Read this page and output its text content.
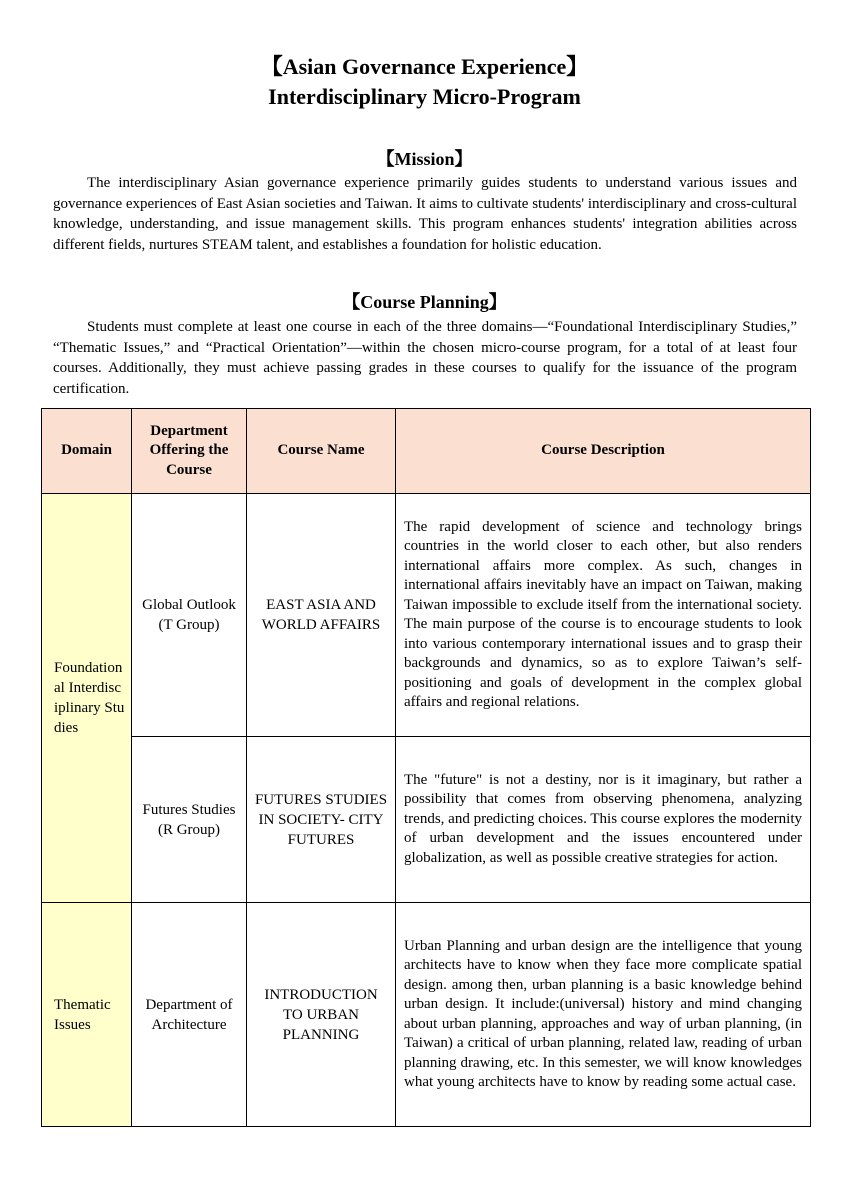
【Asian Governance Experience】
Interdisciplinary Micro-Program
【Mission】
The interdisciplinary Asian governance experience primarily guides students to understand various issues and governance experiences of East Asian societies and Taiwan. It aims to cultivate students' interdisciplinary and cross-cultural knowledge, understanding, and issue management skills. This program enhances students' integration abilities across different fields, nurtures STEAM talent, and establishes a foundation for holistic education.
【Course Planning】
Students must complete at least one course in each of the three domains—“Foundational Interdisciplinary Studies,” “Thematic Issues,” and “Practical Orientation”—within the chosen micro-course program, for a total of at least four courses. Additionally, they must achieve passing grades in these courses to qualify for the issuance of the program certification.
Domain	Department Offering the Course	Course Name	Course Description
Foundational Interdisciplinary Studies	Global Outlook (T Group)	EAST ASIA AND WORLD AFFAIRS	The rapid development of science and technology brings countries in the world closer to each other, but also renders international affairs more complex. As such, changes in international affairs inevitably have an impact on Taiwan, making Taiwan impossible to exclude itself from the international society. The main purpose of the course is to encourage students to look into various contemporary international issues and to grasp their backgrounds and dynamics, so as to explore Taiwan’s self-positioning and goals of development in the complex global affairs and regional relations.
	Futures Studies (R Group)	FUTURES STUDIES IN SOCIETY- CITY FUTURES	The "future" is not a destiny, nor is it imaginary, but rather a possibility that comes from observing phenomena, analyzing trends, and predicting choices. This course explores the modernity of urban development and the issues encountered under globalization, as well as possible creative strategies for action.
Thematic Issues	Department of Architecture	INTRODUCTION TO URBAN PLANNING	Urban Planning and urban design are the intelligence that young architects have to know when they face more complicate spatial design. among then, urban planning is a basic knowledge behind urban design. It include:(universal) history and mind changing about urban planning, approaches and way of urban planning, (in Taiwan) a critical of urban planning, related law, reading of urban planning drawing, etc. In this semester, we will know knowledges what young architects have to know by reading some actual case.
